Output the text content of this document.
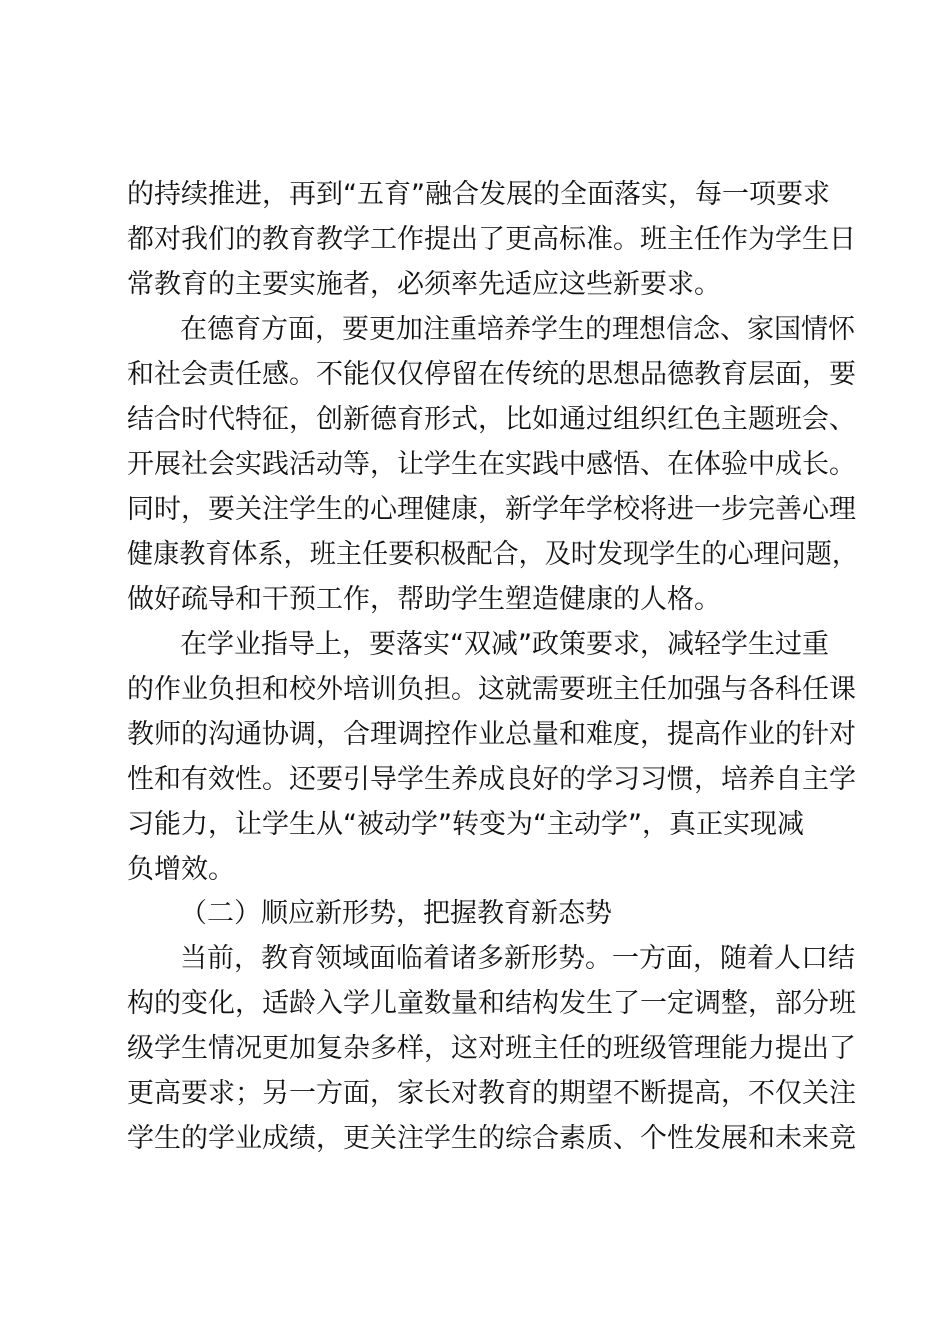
的持续推进，再到“五育”融合发展的全面落实，每一项要求

都对我们的教育教学工作提出了更高标准。班主任作为学生日

常教育的主要实施者，必须率先适应这些新要求。

在德育方面，要更加注重培养学生的理想信念、家国情怀

和社会责任感。不能仅仅停留在传统的思想品德教育层面，要

结合时代特征，创新德育形式，比如通过组织红色主题班会、

开展社会实践活动等，让学生在实践中感悟、在体验中成长。

同时，要关注学生的心理健康，新学年学校将进一步完善心理

健康教育体系，班主任要积极配合，及时发现学生的心理问题，

做好疏导和干预工作，帮助学生塑造健康的人格。

在学业指导上，要落实“双减”政策要求，减轻学生过重

的作业负担和校外培训负担。这就需要班主任加强与各科任课

教师的沟通协调，合理调控作业总量和难度，提高作业的针对

性和有效性。还要引导学生养成良好的学习习惯，培养自主学

习能力，让学生从“被动学”转变为“主动学”，真正实现减

负增效。

（二）顺应新形势，把握教育新态势

当前，教育领域面临着诸多新形势。一方面，随着人口结

构的变化，适龄入学儿童数量和结构发生了一定调整，部分班

级学生情况更加复杂多样，这对班主任的班级管理能力提出了

更高要求；另一方面，家长对教育的期望不断提高，不仅关注

学生的学业成绩，更关注学生的综合素质、个性发展和未来竞
